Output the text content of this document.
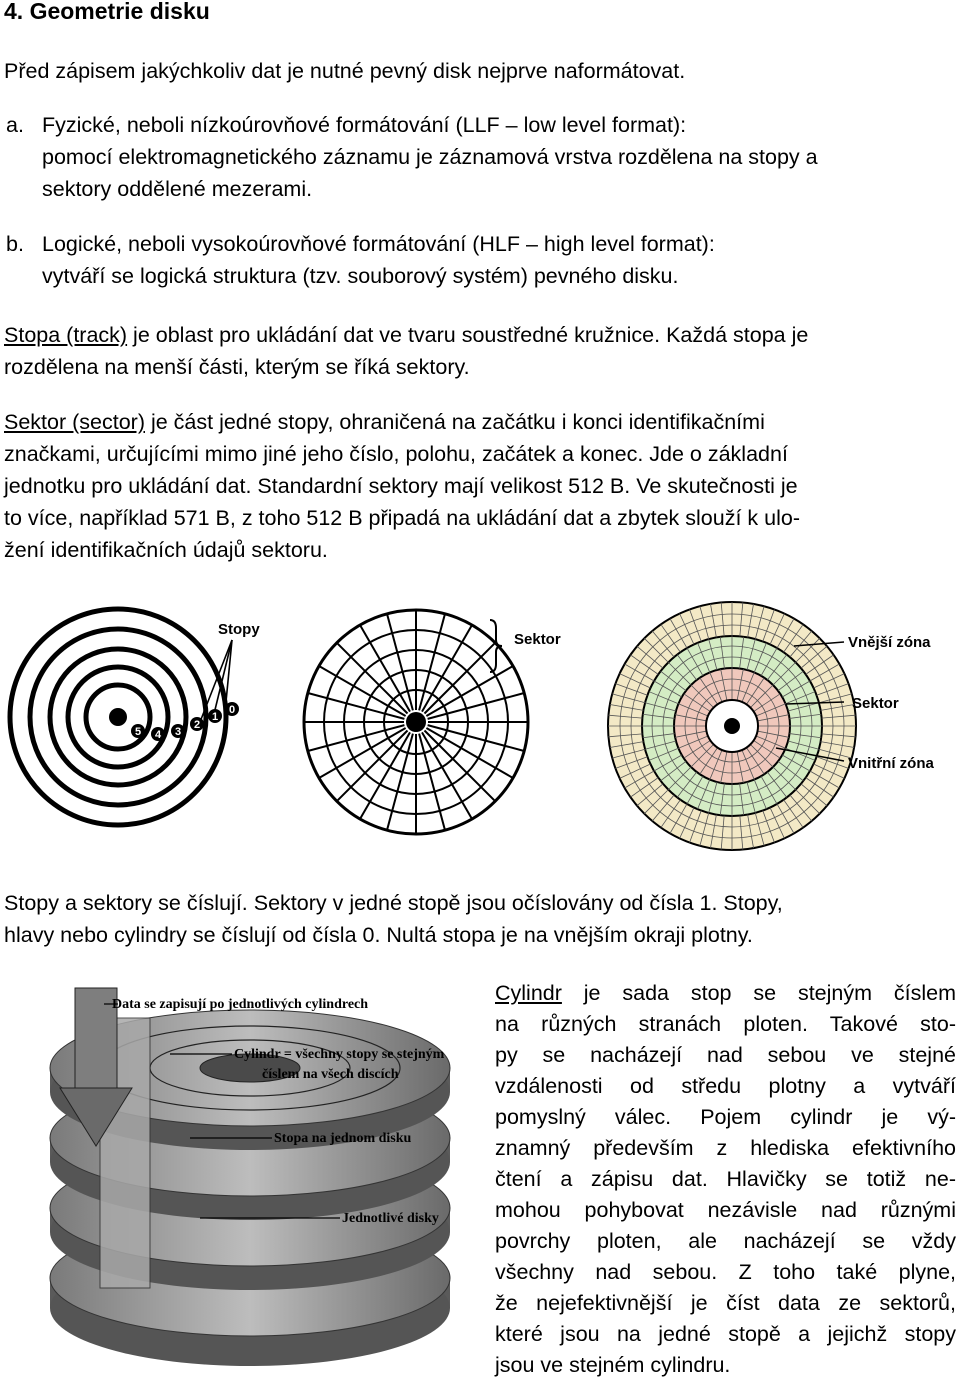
4. Geometrie disku

Před zápisem jakýchkoliv dat je nutné pevný disk nejprve naformátovat.

a. Fyzické, neboli nízkoúrovňové formátování (LLF – low level format):
pomocí elektromagnetického záznamu je záznamová vrstva rozdělena na stopy a
sektory oddělené mezerami.
b. Logické, neboli vysokoúrovňové formátování (HLF – high level format):
vytváří se logická struktura (tzv. souborový systém) pevného disku.
Stopa (track) je oblast pro ukládání dat ve tvaru soustředné kružnice. Každá stopa je
rozdělena na menší části, kterým se říká sektory.
Sektor (sector) je část jedné stopy, ohraničená na začátku i konci identifikačními
značkami, určujícími mimo jiné jeho číslo, polohu, začátek a konec. Jde o základní
jednotku pro ukládání dat. Standardní sektory mají velikost 512 B. Ve skutečnosti je
to více, například 571 B, z toho 512 B připadá na ukládání dat a zbytek slouží k ulo-
žení identifikačních údajů sektoru.
Stopy
5 4 3
2
1
0
Sektor	Vnější zóna
Sektor
Vnitřní zóna
Stopy a sektory se číslují. Sektory v jedné stopě jsou očíslovány od čísla 1. Stopy,
hlavy nebo cylindry se číslují od čísla 0. Nultá stopa je na vnějším okraji plotny.
Data se zapisují po jednotlivých cylindrech
Cylindr = všechny stopy se stejným
číslem na všech discích
Stopa na jednom disku
Jednotlivé disky
Cylindr je sada stop se stejným číslem
na různých stranách ploten. Takové sto-
py se nacházejí nad sebou ve stejné
vzdálenosti od středu plotny a vytváří
pomyslný válec. Pojem cylindr je vý-
znamný především z hlediska efektivního
čtení a zápisu dat. Hlavičky se totiž ne-
mohou pohybovat nezávisle nad různými
povrchy ploten, ale nacházejí se vždy
všechny nad sebou. Z toho také plyne,
že nejefektivnější je číst data ze sektorů,
které jsou na jedné stopě a jejichž stopy
jsou ve stejném cylindru.
